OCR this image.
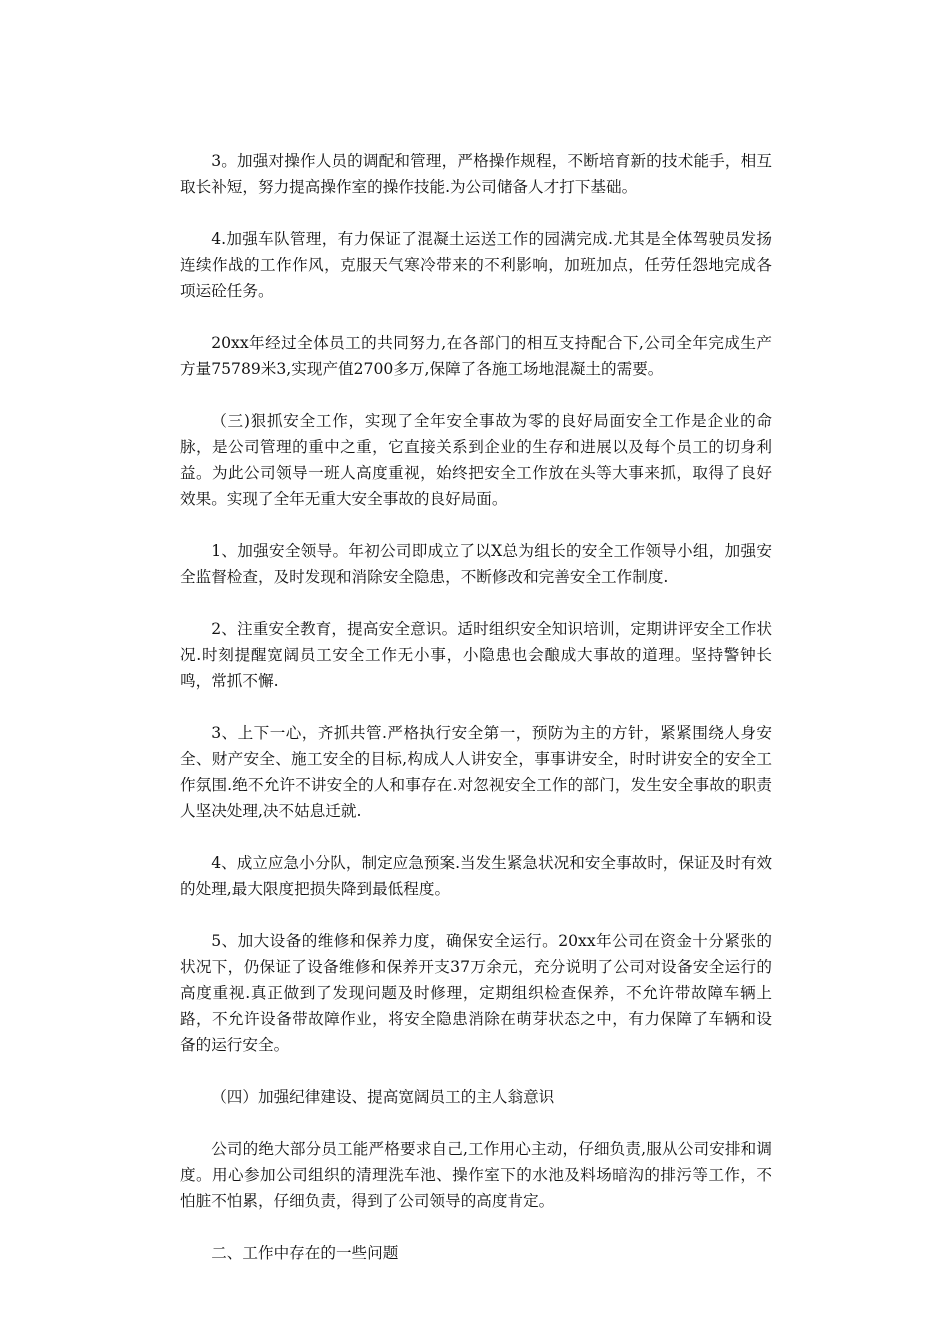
3。加强对操作人员的调配和管理，严格操作规程，不断培育新的技术能手，相互取长补短，努力提高操作室的操作技能.为公司储备人才打下基础。

4.加强车队管理，有力保证了混凝土运送工作的园满完成.尤其是全体驾驶员发扬连续作战的工作作风，克服天气寒冷带来的不利影响，加班加点，任劳任怨地完成各项运砼任务。

20xx年经过全体员工的共同努力,在各部门的相互支持配合下,公司全年完成生产方量75789米3,实现产值2700多万,保障了各施工场地混凝土的需要。

（三)狠抓安全工作，实现了全年安全事故为零的良好局面安全工作是企业的命脉，是公司管理的重中之重，它直接关系到企业的生存和进展以及每个员工的切身利益。为此公司领导一班人高度重视，始终把安全工作放在头等大事来抓，取得了良好效果。实现了全年无重大安全事故的良好局面。

1、加强安全领导。年初公司即成立了以X总为组长的安全工作领导小组，加强安全监督检查，及时发现和消除安全隐患，不断修改和完善安全工作制度.

2、注重安全教育，提高安全意识。适时组织安全知识培训，定期讲评安全工作状况.时刻提醒宽阔员工安全工作无小事，小隐患也会酿成大事故的道理。坚持警钟长鸣，常抓不懈.

3、上下一心，齐抓共管.严格执行安全第一，预防为主的方针，紧紧围绕人身安全、财产安全、施工安全的目标,构成人人讲安全，事事讲安全，时时讲安全的安全工作氛围.绝不允许不讲安全的人和事存在.对忽视安全工作的部门，发生安全事故的职责人坚决处理,决不姑息迁就.

4、成立应急小分队，制定应急预案.当发生紧急状况和安全事故时，保证及时有效的处理,最大限度把损失降到最低程度。

5、加大设备的维修和保养力度，确保安全运行。20xx年公司在资金十分紧张的状况下，仍保证了设备维修和保养开支37万余元，充分说明了公司对设备安全运行的高度重视.真正做到了发现问题及时修理，定期组织检查保养，不允许带故障车辆上路，不允许设备带故障作业，将安全隐患消除在萌芽状态之中，有力保障了车辆和设备的运行安全。

（四）加强纪律建设、提高宽阔员工的主人翁意识

公司的绝大部分员工能严格要求自己,工作用心主动，仔细负责,服从公司安排和调度。用心参加公司组织的清理洗车池、操作室下的水池及料场暗沟的排污等工作，不怕脏不怕累，仔细负责，得到了公司领导的高度肯定。

二、工作中存在的一些问题
